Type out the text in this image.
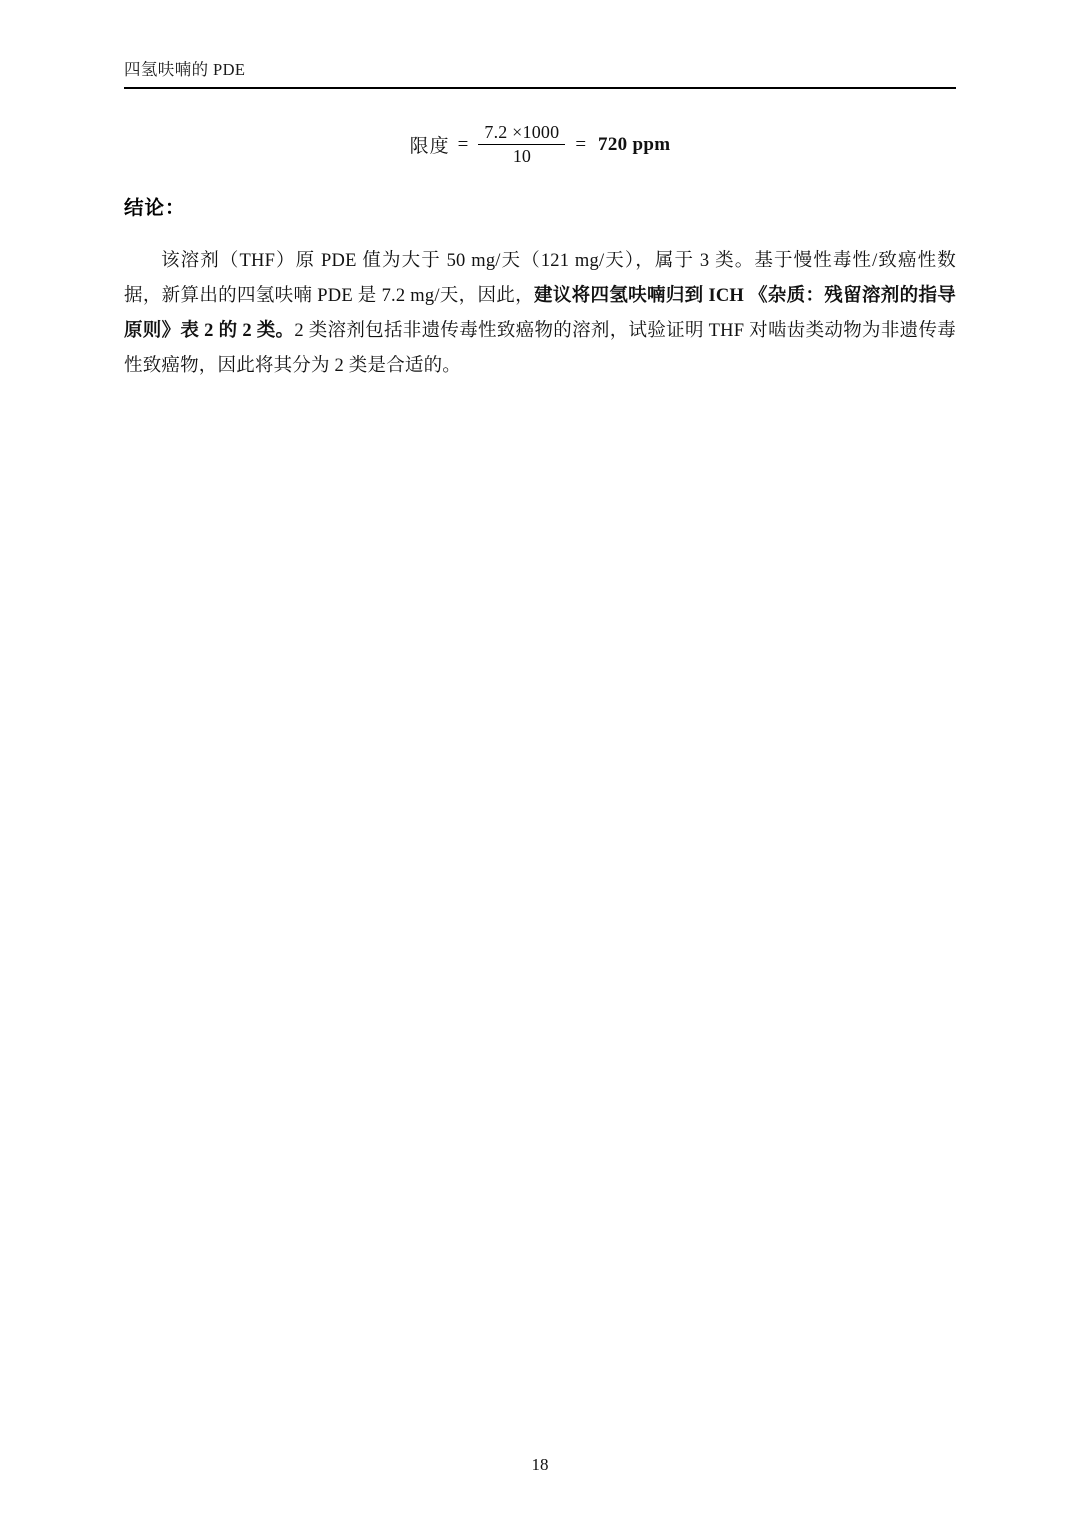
四氢呋喃的 PDE
限度 = $\frac{7.2 \times 1000}{10} = 720$ ppm
结论：
该溶剂（THF）原 PDE 值为大于 50 mg/天（121 mg/天），属于 3 类。基于慢性毒性/致癌性数据，新算出的四氢呋喃 PDE 是 7.2 mg/天，因此，建议将四氢呋喃归到 ICH 《杂质：残留溶剂的指导原则》表 2 的 2 类。2 类溶剂包括非遗传毒性致癌物的溶剂，试验证明 THF 对啮齿类动物为非遗传毒性致癌物，因此将其分为 2 类是合适的。
18
